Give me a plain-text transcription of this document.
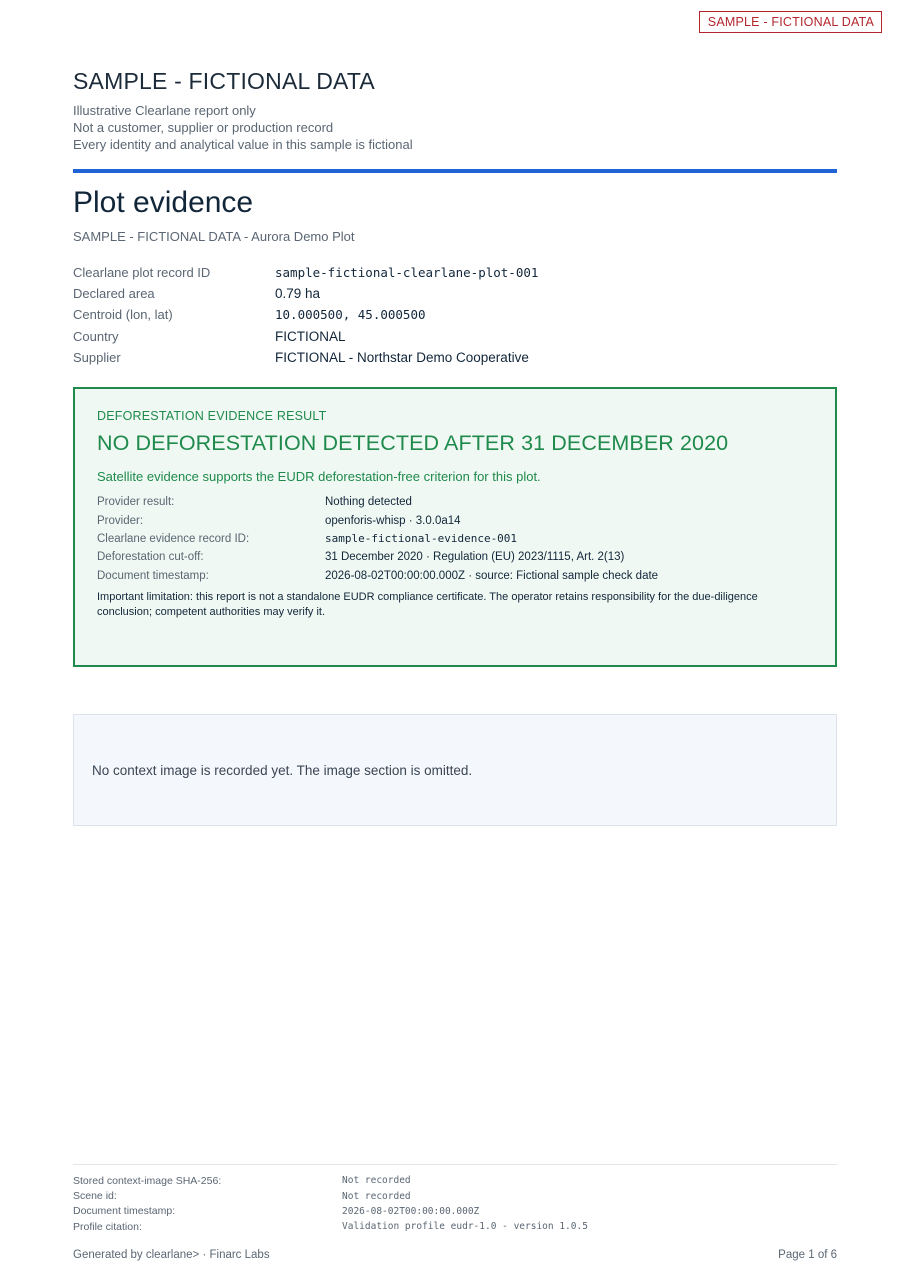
SAMPLE - FICTIONAL DATA
SAMPLE - FICTIONAL DATA
Illustrative Clearlane report only
Not a customer, supplier or production record
Every identity and analytical value in this sample is fictional
Plot evidence
SAMPLE - FICTIONAL DATA - Aurora Demo Plot
Clearlane plot record ID	sample-fictional-clearlane-plot-001
Declared area	0.79 ha
Centroid (lon, lat)	10.000500, 45.000500
Country	FICTIONAL
Supplier	FICTIONAL - Northstar Demo Cooperative
DEFORESTATION EVIDENCE RESULT
NO DEFORESTATION DETECTED AFTER 31 DECEMBER 2020
Satellite evidence supports the EUDR deforestation-free criterion for this plot.
Provider result:	Nothing detected
Provider:	openforis-whisp · 3.0.0a14
Clearlane evidence record ID:	sample-fictional-evidence-001
Deforestation cut-off:	31 December 2020 · Regulation (EU) 2023/1115, Art. 2(13)
Document timestamp:	2026-08-02T00:00:00.000Z · source: Fictional sample check date
Important limitation: this report is not a standalone EUDR compliance certificate. The operator retains responsibility for the due-diligence conclusion; competent authorities may verify it.
No context image is recorded yet. The image section is omitted.
Stored context-image SHA-256:	Not recorded
Scene id:	Not recorded
Document timestamp:	2026-08-02T00:00:00.000Z
Profile citation:	Validation profile eudr-1.0 - version 1.0.5
Generated by clearlane> · Finarc Labs	Page 1 of 6
